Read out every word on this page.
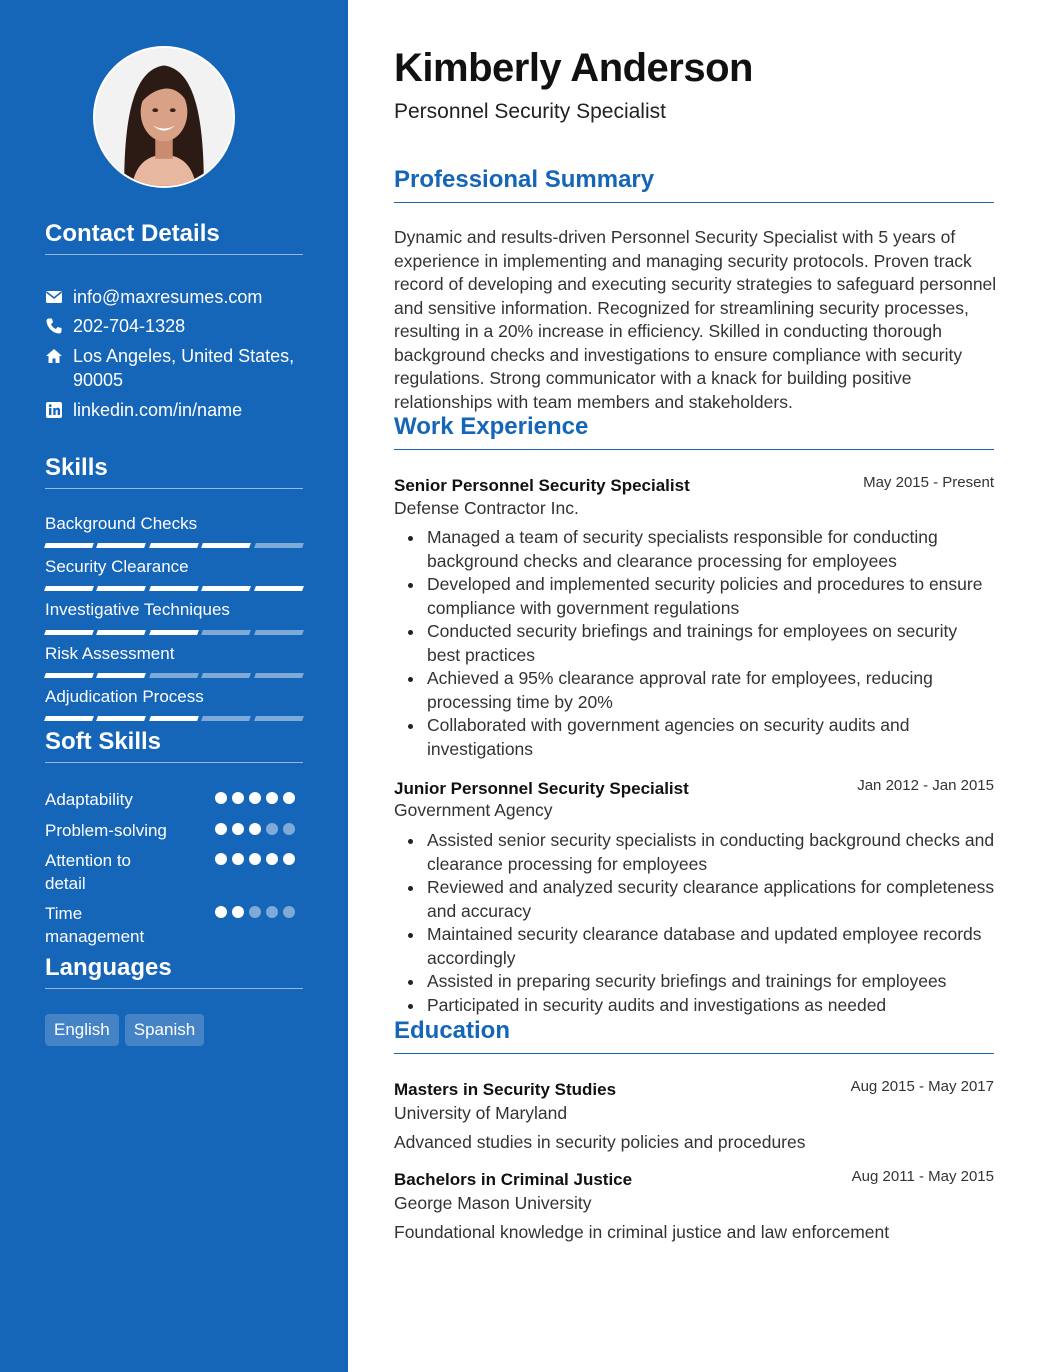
Contact Details
info@maxresumes.com
202-704-1328
Los Angeles, United States, 90005
linkedin.com/in/name
Skills
Background Checks
Security Clearance
Investigative Techniques
Risk Assessment
Adjudication Process
Soft Skills
Adaptability
Problem-solving
Attention to detail
Time management
Languages
English	Spanish
Kimberly Anderson
Personnel Security Specialist
Professional Summary
Dynamic and results-driven Personnel Security Specialist with 5 years of experience in implementing and managing security protocols. Proven track record of developing and executing security strategies to safeguard personnel and sensitive information. Recognized for streamlining security processes, resulting in a 20% increase in efficiency. Skilled in conducting thorough background checks and investigations to ensure compliance with security regulations. Strong communicator with a knack for building positive relationships with team members and stakeholders.
Work Experience
Senior Personnel Security Specialist	May 2015 - Present
Defense Contractor Inc.
Managed a team of security specialists responsible for conducting background checks and clearance processing for employees
Developed and implemented security policies and procedures to ensure compliance with government regulations
Conducted security briefings and trainings for employees on security best practices
Achieved a 95% clearance approval rate for employees, reducing processing time by 20%
Collaborated with government agencies on security audits and investigations
Junior Personnel Security Specialist	Jan 2012 - Jan 2015
Government Agency
Assisted senior security specialists in conducting background checks and clearance processing for employees
Reviewed and analyzed security clearance applications for completeness and accuracy
Maintained security clearance database and updated employee records accordingly
Assisted in preparing security briefings and trainings for employees
Participated in security audits and investigations as needed
Education
Masters in Security Studies	Aug 2015 - May 2017
University of Maryland
Advanced studies in security policies and procedures
Bachelors in Criminal Justice	Aug 2011 - May 2015
George Mason University
Foundational knowledge in criminal justice and law enforcement
